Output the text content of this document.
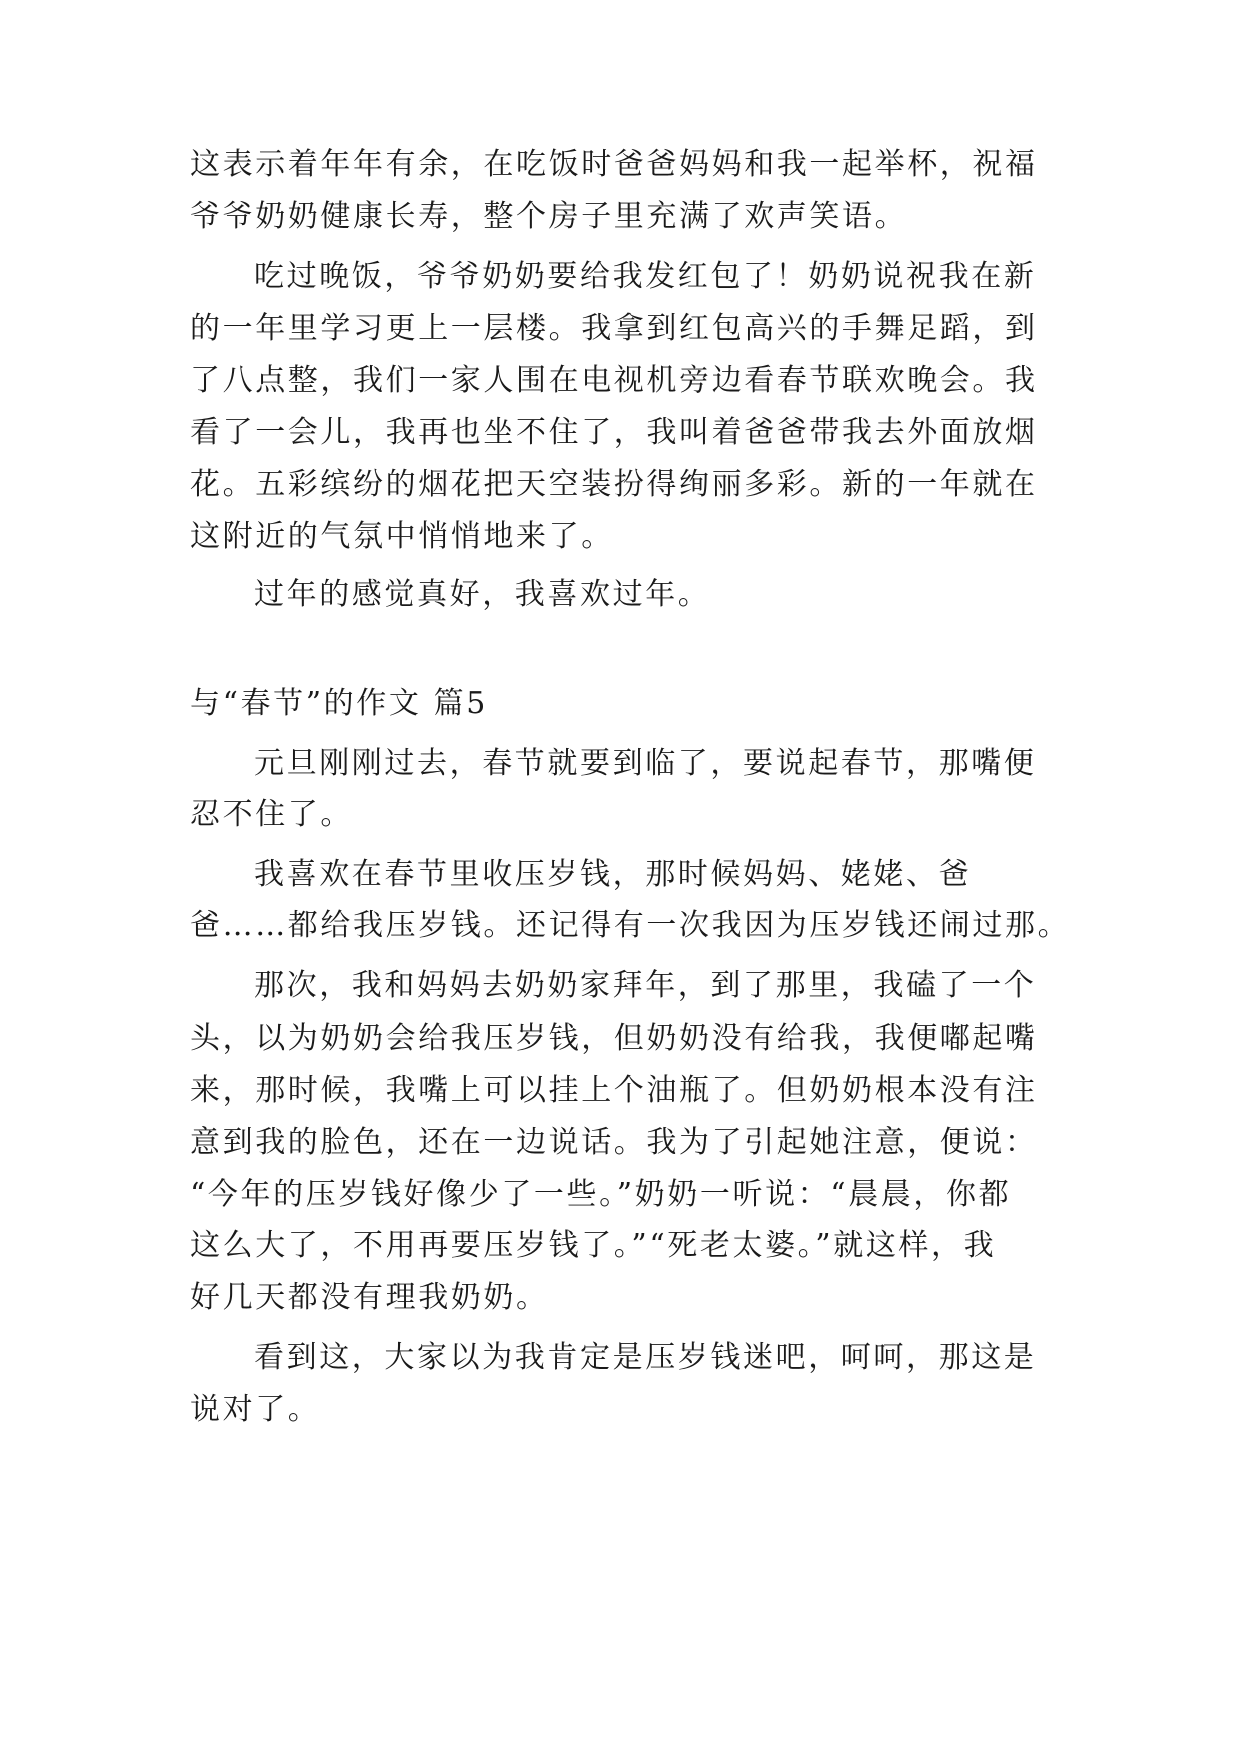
这表示着年年有余，在吃饭时爸爸妈妈和我一起举杯，祝福
爷爷奶奶健康长寿，整个房子里充满了欢声笑语。
吃过晚饭，爷爷奶奶要给我发红包了！奶奶说祝我在新
的一年里学习更上一层楼。我拿到红包高兴的手舞足蹈，到
了八点整，我们一家人围在电视机旁边看春节联欢晚会。我
看了一会儿，我再也坐不住了，我叫着爸爸带我去外面放烟
花。五彩缤纷的烟花把天空装扮得绚丽多彩。新的一年就在
这附近的气氛中悄悄地来了。
过年的感觉真好，我喜欢过年。
与“春节”的作文 篇5
元旦刚刚过去，春节就要到临了，要说起春节，那嘴便
忍不住了。
我喜欢在春节里收压岁钱，那时候妈妈、姥姥、爸
爸……都给我压岁钱。还记得有一次我因为压岁钱还闹过那。
那次，我和妈妈去奶奶家拜年，到了那里，我磕了一个
头，以为奶奶会给我压岁钱，但奶奶没有给我，我便嘟起嘴
来，那时候，我嘴上可以挂上个油瓶了。但奶奶根本没有注
意到我的脸色，还在一边说话。我为了引起她注意，便说：
“今年的压岁钱好像少了一些。”奶奶一听说：“晨晨，你都
这么大了，不用再要压岁钱了。”“死老太婆。”就这样，我
好几天都没有理我奶奶。
看到这，大家以为我肯定是压岁钱迷吧，呵呵，那这是
说对了。
